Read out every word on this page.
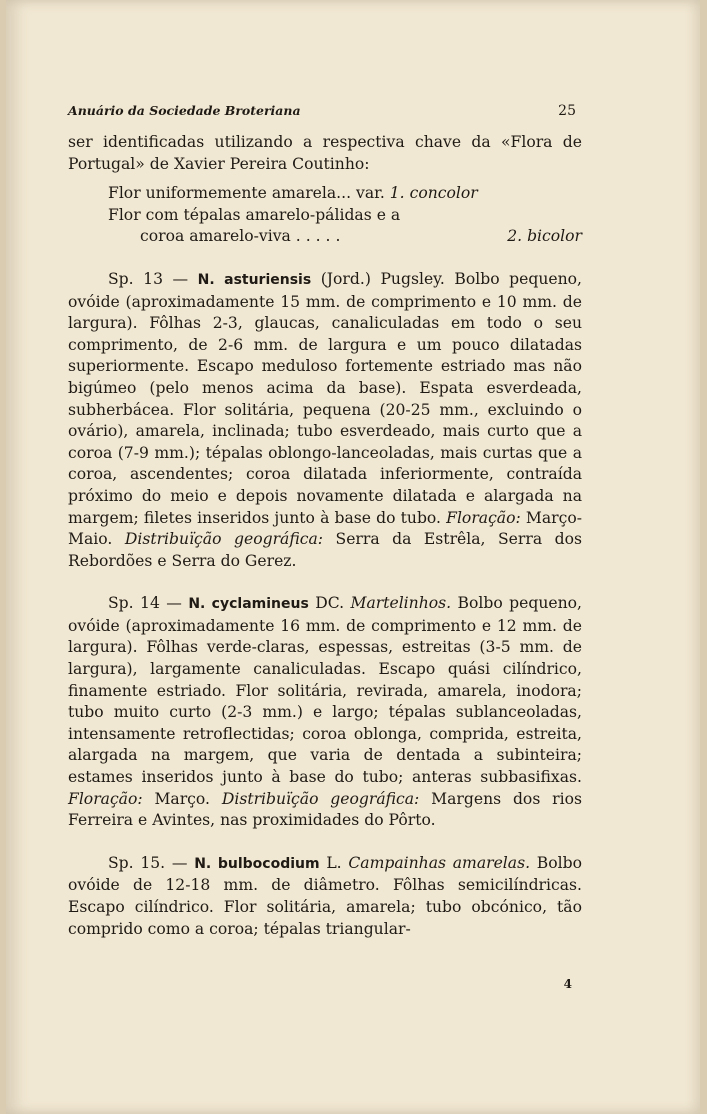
Anuário da Sociedade Broteriana	25

ser identificadas utilizando a respectiva chave da «Flora de Portugal» de Xavier Pereira Coutinho:

Flor uniformemente amarela... var. 1. concolor
Flor com tépalas amarelo-pálidas e a
coroa amarelo-viva . . . . .	2. bicolor

Sp. 13 — N. asturiensis (Jord.) Pugsley. Bolbo pequeno, ovóide (aproximadamente 15 mm. de comprimento e 10 mm. de largura). Fôlhas 2-3, glaucas, canaliculadas em todo o seu comprimento, de 2-6 mm. de largura e um pouco dilatadas superiormente. Escapo meduloso fortemente estriado mas não bigúmeo (pelo menos acima da base). Espata esverdeada, subherbácea. Flor solitária, pequena (20-25 mm., excluindo o ovário), amarela, inclinada; tubo esverdeado, mais curto que a coroa (7-9 mm.); tépalas oblongo-lanceoladas, mais curtas que a coroa, ascendentes; coroa dilatada inferiormente, contraída próximo do meio e depois novamente dilatada e alargada na margem; filetes inseridos junto à base do tubo. Floração: Março-Maio. Distribuïção geográfica: Serra da Estrêla, Serra dos Rebordões e Serra do Gerez.

Sp. 14 — N. cyclamineus DC. Martelinhos. Bolbo pequeno, ovóide (aproximadamente 16 mm. de comprimento e 12 mm. de largura). Fôlhas verde-claras, espessas, estreitas (3-5 mm. de largura), largamente canaliculadas. Escapo quási cilíndrico, finamente estriado. Flor solitária, revirada, amarela, inodora; tubo muito curto (2-3 mm.) e largo; tépalas sublanceoladas, intensamente retroflectidas; coroa oblonga, comprida, estreita, alargada na margem, que varia de dentada a subinteira; estames inseridos junto à base do tubo; anteras subbasifixas. Floração: Março. Distribuïção geográfica: Margens dos rios Ferreira e Avintes, nas proximidades do Pôrto.

Sp. 15. — N. bulbocodium L. Campainhas amarelas. Bolbo ovóide de 12-18 mm. de diâmetro. Fôlhas semicilíndricas. Escapo cilíndrico. Flor solitária, amarela; tubo obcónico, tão comprido como a coroa; tépalas triangular-

4
